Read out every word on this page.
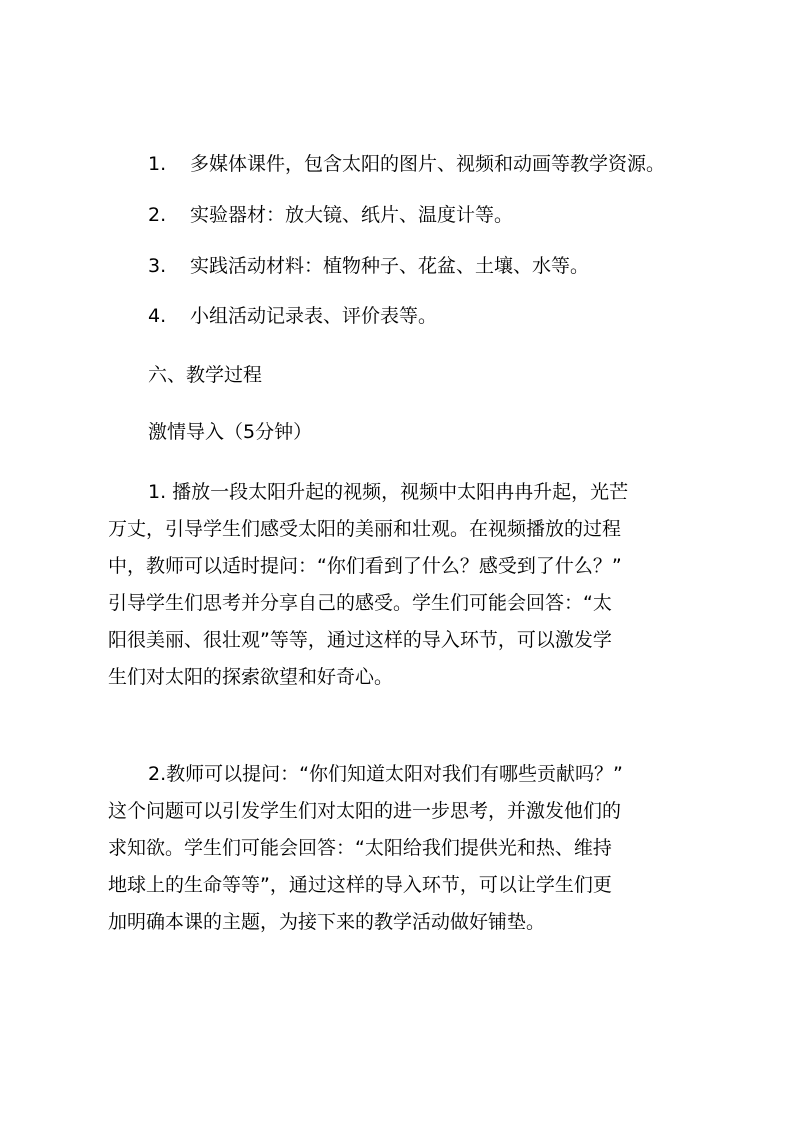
1. 多媒体课件，包含太阳的图片、视频和动画等教学资源。
2. 实验器材：放大镜、纸片、温度计等。
3. 实践活动材料：植物种子、花盆、土壤、水等。
4. 小组活动记录表、评价表等。
六、教学过程
激情导入（5分钟）
1. 播放一段太阳升起的视频，视频中太阳冉冉升起，光芒
万丈，引导学生们感受太阳的美丽和壮观。在视频播放的过程
中，教师可以适时提问：“你们看到了什么？感受到了什么？”
引导学生们思考并分享自己的感受。学生们可能会回答：“太
阳很美丽、很壮观”等等，通过这样的导入环节，可以激发学
生们对太阳的探索欲望和好奇心。
2.教师可以提问：“你们知道太阳对我们有哪些贡献吗？”
这个问题可以引发学生们对太阳的进一步思考，并激发他们的
求知欲。学生们可能会回答：“太阳给我们提供光和热、维持
地球上的生命等等”，通过这样的导入环节，可以让学生们更
加明确本课的主题，为接下来的教学活动做好铺垫。
